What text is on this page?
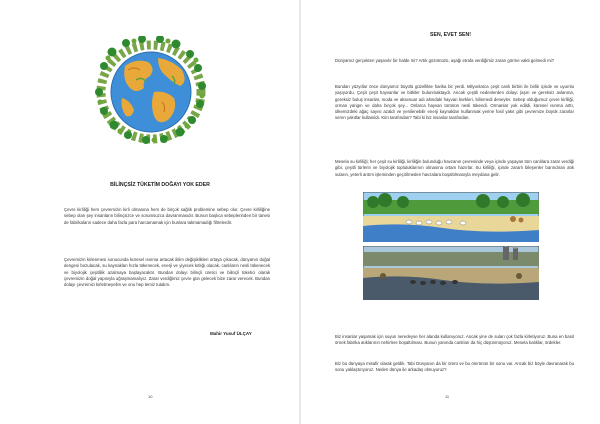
BİLİNÇSİZ TÜKETİM DOĞAYI YOK EDER
Çevre kirliliği hem çevremizin kirli olmasına hem de birçok sağlık problemine sebep olur. Çevre kirliliğine sebep olan şey insanların bilinçsizce ve sorumsuzca davranmasıdır. Bunun başlıca sebeplerinden bir tanesi de fabrikaların sadece daha fazla para harcamamak için bunlara takmamadığı filtrelerdir.
Çevremizin kirlenmesi sonucunda küresel ısınma artacak iklim değişiklikleri ortaya çıkacak, dünyanın doğal dengesi bozulacak, su kaynakları hızla tükenecek, enerji ve yiyecek kıtlığı olacak, canlıların nesli tükenecek ve biyolojik çeşitlilik azalmaya başlayacaktır. Bundan dolayı bilinçli üretici ve bilinçli tüketici olarak çevremizin doğal yapısıyla uğraşmamalıyız. Zarar verdiğimiz çevre gün gelecek bize zarar verecek. Bundan dolayı çevremizi kirletmeyelim ve onu hep temiz tutalım.
Mahir Yusuf ÜLÇAY
10
SEN, EVET SEN!
Dünyamız gerçekten yaşanılır bir halde mi? Artık gözümüzü, aşağı etrafa verdiğimiz zararı görme vakti gelmedi mi?
Bundan yüzyıllar önce dünyamız büyülü güzellikte harika bir yerdi. Milyonlarca çeşit canlı birbiri ile birlik içinde ve uyumlu yaşıyordu. Çeşit çeşit hayvanlar ve bitkiler bulunmaktaydı. Ancak çeşitli nedenlerden dolayı (aşırı ve gereksiz avlanma, gereksiz buluş insanlar, moda ve aksesuar adı altındaki hayvan kürkleri, bilinmedi deneyler. Sebep olduğumuz çevre kirliliği, orman yangın ve daha birçok şey... Onlarca hayvan türünün nesli tükendi. Ormanlar yok edildi, küresel ısınma arttı, ülkemizdeki ağaç sayısı azaldı ve yenilenebilir enerji kaynakları kullanmak yerine fosil yakıt gibi çevremize büyük zararlar veren yakıtlar kullanıldı. Kim tarafından? Tabi ki biz insanlar tarafından.
Mesela su kirliliği; her çeşit su kirliliği, kirliliğin bulunduğu havzanın çevresinde veya içinde yaşayan tüm canlılara zarar verdiği gibi, çeşitli türlerin ve biyolojik topluluklarının olmasına ortam hazırlar. Su kirliliği, içinde zararlı bileşenler barındıran atık suların, yeterli arıtım işleminden geçirilmeden havzalara boşaltılmasıyla meydana gelir.
Biz insanlar yaşamak için suyun neredeyse her alanda kullanıyoruz. Ancak yine de suları çok fazla kirletiyoruz. Buna en basit örnek fabrika atıklarının nehirlere boşaltılması. Bunun yanında canlıları da hiç düşünmüyoruz. Mesela balıklar, ördekler.
Biz bu dünyaya misafir olarak geldik. Tabi Dünyanın da bir ömrü ve bu ömrünün bir sonu var. Ancak biz böyle davranarak bu sonu yaklaştırıyoruz. Neden dünya ile arkadaş olmuyoruz?
11
